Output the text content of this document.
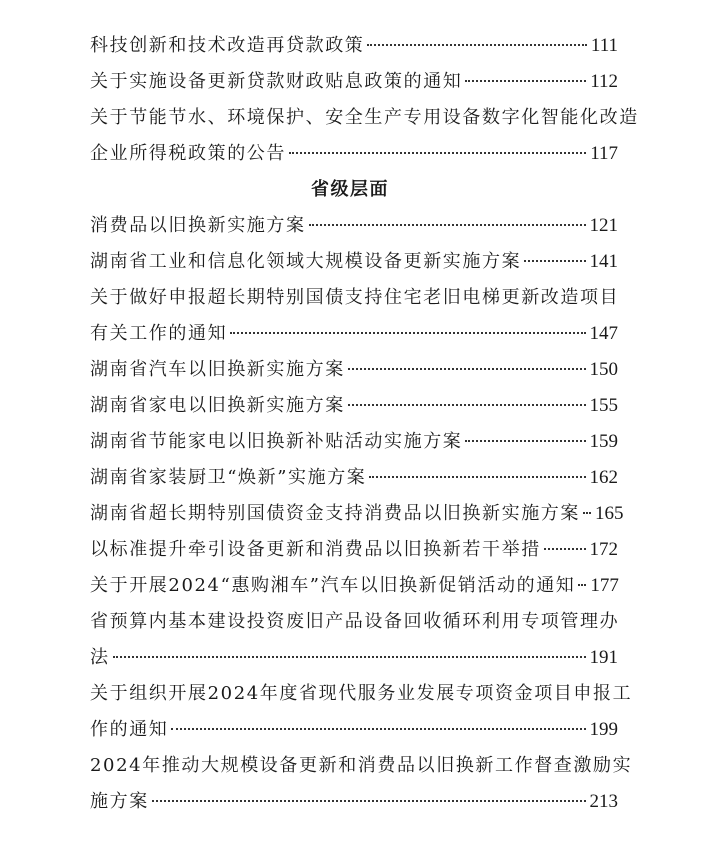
科技创新和技术改造再贷款政策	111
关于实施设备更新贷款财政贴息政策的通知	112
关于节能节水、环境保护、安全生产专用设备数字化智能化改造
企业所得税政策的公告	117
省级层面
消费品以旧换新实施方案	121
湖南省工业和信息化领域大规模设备更新实施方案	141
关于做好申报超长期特别国债支持住宅老旧电梯更新改造项目
有关工作的通知	147
湖南省汽车以旧换新实施方案	150
湖南省家电以旧换新实施方案	155
湖南省节能家电以旧换新补贴活动实施方案	159
湖南省家装厨卫“焕新”实施方案	162
湖南省超长期特别国债资金支持消费品以旧换新实施方案 165
以标准提升牵引设备更新和消费品以旧换新若干举措	172
关于开展2024“惠购湘车”汽车以旧换新促销活动的通知 177
省预算内基本建设投资废旧产品设备回收循环利用专项管理办
法	191
关于组织开展2024年度省现代服务业发展专项资金项目申报工
作的通知	199
2024年推动大规模设备更新和消费品以旧换新工作督查激励实
施方案	213
